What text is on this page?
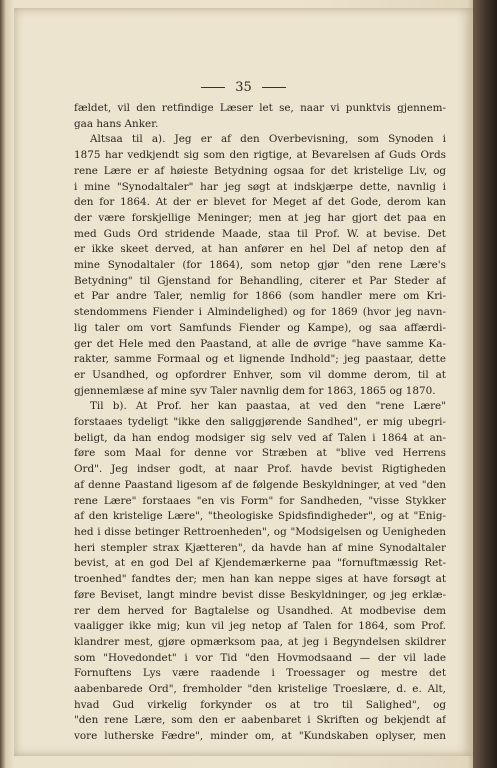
35
fældet, vil den retfindige Læser let se, naar vi punktvis gjennem-
gaa hans Anker.
Altsaa til a). Jeg er af den Overbevisning, som Synoden i
1875 har vedkjendt sig som den rigtige, at Bevarelsen af Guds Ords
rene Lære er af høieste Betydning ogsaa for det kristelige Liv, og
i mine "Synodaltaler" har jeg søgt at indskjærpe dette, navnlig i
den for 1864. At der er blevet for Meget af det Gode, derom kan
der være forskjellige Meninger; men at jeg har gjort det paa en
med Guds Ord stridende Maade, staa til Prof. W. at bevise. Det
er ikke skeet derved, at han anfører en hel Del af netop den af
mine Synodaltaler (for 1864), som netop gjør "den rene Lære's
Betydning" til Gjenstand for Behandling, citerer et Par Steder af
et Par andre Taler, nemlig for 1866 (som handler mere om Kri-
stendommens Fiender i Almindelighed) og for 1869 (hvor jeg navn-
lig taler om vort Samfunds Fiender og Kampe), og saa affærdi-
ger det Hele med den Paastand, at alle de øvrige "have samme Ka-
rakter, samme Formaal og et lignende Indhold"; jeg paastaar, dette
er Usandhed, og opfordrer Enhver, som vil domme derom, til at
gjennemlæse af mine syv Taler navnlig dem for 1863, 1865 og 1870.
Til b). At Prof. her kan paastaa, at ved den "rene Lære"
forstaaes tydeligt "ikke den saliggjørende Sandhed", er mig ubegri-
beligt, da han endog modsiger sig selv ved af Talen i 1864 at an-
føre som Maal for denne vor Stræben at "blive ved Herrens
Ord". Jeg indser godt, at naar Prof. havde bevist Rigtigheden
af denne Paastand ligesom af de følgende Beskyldninger, at ved "den
rene Lære" forstaaes "en vis Form" for Sandheden, "visse Stykker
af den kristelige Lære", "theologiske Spidsfindigheder", og at "Enig-
hed i disse betinger Rettroenheden", og "Modsigelsen og Uenigheden
heri stempler strax Kjætteren", da havde han af mine Synodaltaler
bevist, at en god Del af Kjendemærkerne paa "fornuftmæssig Ret-
troenhed" fandtes der; men han kan neppe siges at have forsøgt at
føre Beviset, langt mindre bevist disse Beskyldninger, og jeg erklæ-
rer dem herved for Bagtalelse og Usandhed. At modbevise dem
vaaligger ikke mig; kun vil jeg netop af Talen for 1864, som Prof.
klandrer mest, gjøre opmærksom paa, at jeg i Begyndelsen skildrer
som "Hovedondet" i vor Tid "den Hovmodsaand — der vil lade
Fornuftens Lys være raadende i Troessager og mestre det
aabenbarede Ord", fremholder "den kristelige Troeslære, d. e. Alt,
hvad Gud virkelig forkynder os at tro til Salighed", og
"den rene Lære, som den er aabenbaret i Skriften og bekjendt af
vore lutherske Fædre", minder om, at "Kundskaben oplyser, men
